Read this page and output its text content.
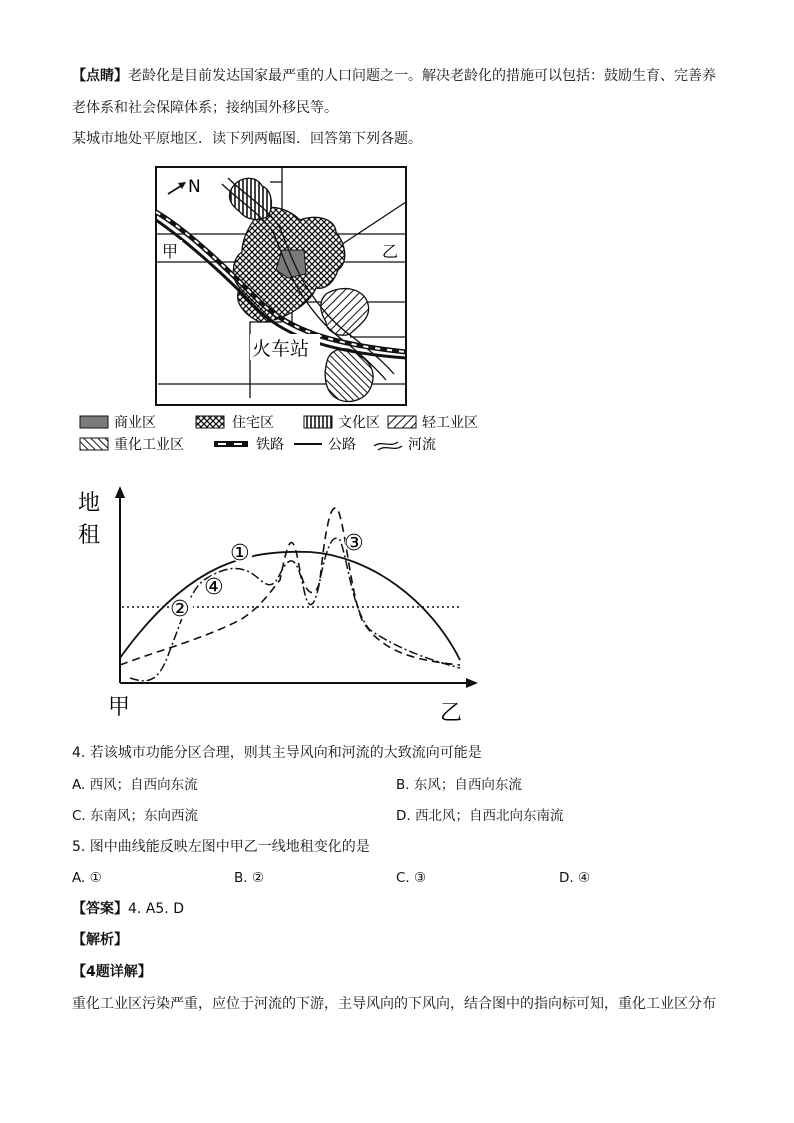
【点睛】老龄化是目前发达国家最严重的人口问题之一。解决老龄化的措施可以包括：鼓励生育、完善养
老体系和社会保障体系；接纳国外移民等。
某城市地处平原地区．读下列两幅图．回答第下列各题。
N
甲	乙
火车站
商业区	住宅区	文化区	轻工业区
重化工业区	铁路	公路	河流
地
租
①
②
③
④
甲	乙
4. 若该城市功能分区合理，则其主导风向和河流的大致流向可能是
A. 西风；自西向东流	B. 东风；自西向东流
C. 东南风；东向西流	D. 西北风；自西北向东南流
5. 图中曲线能反映左图中甲乙一线地租变化的是
A. ①	B. ②	C. ③	D. ④
【答案】4. A5. D
【解析】
【4题详解】
重化工业区污染严重，应位于河流的下游，主导风向的下风向，结合图中的指向标可知，重化工业区分布
